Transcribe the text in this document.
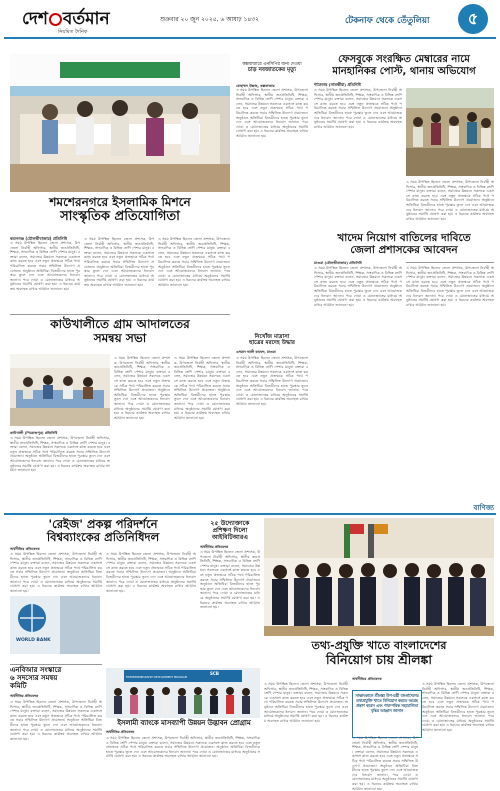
দেশ বর্তমান
নিয়মিত দৈনিক
শুক্রবার ২০ জুন ২০২৫, ৬ আষাঢ় ১৪৩২	টেকনাফ থেকে তেঁতুলিয়া	৫
শমশেরনগরে ইসলামিক মিশনে
সাংস্কৃতিক প্রতিযোগিতা
কমলগঞ্জ (মৌলভীবাজার) প্রতিনিধি
এ সময় উপস্থিত ছিলেন জেলা প্রশাসক, উপজেলা নির্বাহী অফিসার, স্থানীয় জনপ্রতিনিধি, শিক্ষক, সাংবাদিক ও বিভিন্ন শ্রেণি পেশার মানুষ। বক্তারা বলেন, সমাজের উন্নয়নে সকলকে একসঙ্গে কাজ করতে হবে এবং নতুন প্রজন্মকে সঠিক পথে পরিচালিত করতে সবার সম্মিলিত উদ্যোগ প্রয়োজন। অনুষ্ঠানে অতিথিরা বিজয়ীদের হাতে পুরস্কার তুলে দেন এবং আয়োজকদের ধন্যবাদ জানান। পরে দোয়া ও মোনাজাতের মাধ্যমে অনুষ্ঠানের সমাপ্তি ঘোষণা করা হয়। এ ধরনের কার্যক্রম অব্যাহত রাখার আহ্বান জানানো হয়।
এ সময় উপস্থিত ছিলেন জেলা প্রশাসক, উপজেলা নির্বাহী অফিসার, স্থানীয় জনপ্রতিনিধি, শিক্ষক, সাংবাদিক ও বিভিন্ন শ্রেণি পেশার মানুষ। বক্তারা বলেন, সমাজের উন্নয়নে সকলকে একসঙ্গে কাজ করতে হবে এবং নতুন প্রজন্মকে সঠিক পথে পরিচালিত করতে সবার সম্মিলিত উদ্যোগ প্রয়োজন। অনুষ্ঠানে অতিথিরা বিজয়ীদের হাতে পুরস্কার তুলে দেন এবং আয়োজকদের ধন্যবাদ জানান। পরে দোয়া ও মোনাজাতের মাধ্যমে অনুষ্ঠানের সমাপ্তি ঘোষণা করা হয়। এ ধরনের কার্যক্রম অব্যাহত রাখার আহ্বান জানানো হয়।
এ সময় উপস্থিত ছিলেন জেলা প্রশাসক, উপজেলা নির্বাহী অফিসার, স্থানীয় জনপ্রতিনিধি, শিক্ষক, সাংবাদিক ও বিভিন্ন শ্রেণি পেশার মানুষ। বক্তারা বলেন, সমাজের উন্নয়নে সকলকে একসঙ্গে কাজ করতে হবে এবং নতুন প্রজন্মকে সঠিক পথে পরিচালিত করতে সবার সম্মিলিত উদ্যোগ প্রয়োজন। অনুষ্ঠানে অতিথিরা বিজয়ীদের হাতে পুরস্কার তুলে দেন এবং আয়োজকদের ধন্যবাদ জানান। পরে দোয়া ও মোনাজাতের মাধ্যমে অনুষ্ঠানের সমাপ্তি ঘোষণা করা হয়। এ ধরনের কার্যক্রম অব্যাহত রাখার আহ্বান জানানো হয়।
কক্সবাজারে এনসিপির জন্য দেওয়া
চাড় নবজাতকের মৃত্যু
মোহাম্মদ উল্লাহ, কক্সবাজার
এ সময় উপস্থিত ছিলেন জেলা প্রশাসক, উপজেলা নির্বাহী অফিসার, স্থানীয় জনপ্রতিনিধি, শিক্ষক, সাংবাদিক ও বিভিন্ন শ্রেণি পেশার মানুষ। বক্তারা বলেন, সমাজের উন্নয়নে সকলকে একসঙ্গে কাজ করতে হবে এবং নতুন প্রজন্মকে সঠিক পথে পরিচালিত করতে সবার সম্মিলিত উদ্যোগ প্রয়োজন। অনুষ্ঠানে অতিথিরা বিজয়ীদের হাতে পুরস্কার তুলে দেন এবং আয়োজকদের ধন্যবাদ জানান। পরে দোয়া ও মোনাজাতের মাধ্যমে অনুষ্ঠানের সমাপ্তি ঘোষণা করা হয়। এ ধরনের কার্যক্রম অব্যাহত রাখার আহ্বান জানানো হয়।
ফেসবুকে সংরক্ষিত মেম্বারের নামে
মানহানিকর পোস্ট, থানায় অভিযোগ
শ্যামনগর (সাতক্ষীরা) প্রতিনিধি
এ সময় উপস্থিত ছিলেন জেলা প্রশাসক, উপজেলা নির্বাহী অফিসার, স্থানীয় জনপ্রতিনিধি, শিক্ষক, সাংবাদিক ও বিভিন্ন শ্রেণি পেশার মানুষ। বক্তারা বলেন, সমাজের উন্নয়নে সকলকে একসঙ্গে কাজ করতে হবে এবং নতুন প্রজন্মকে সঠিক পথে পরিচালিত করতে সবার সম্মিলিত উদ্যোগ প্রয়োজন। অনুষ্ঠানে অতিথিরা বিজয়ীদের হাতে পুরস্কার তুলে দেন এবং আয়োজকদের ধন্যবাদ জানান। পরে দোয়া ও মোনাজাতের মাধ্যমে অনুষ্ঠানের সমাপ্তি ঘোষণা করা হয়। এ ধরনের কার্যক্রম অব্যাহত রাখার আহ্বান জানানো হয়।
এ সময় উপস্থিত ছিলেন জেলা প্রশাসক, উপজেলা নির্বাহী অফিসার, স্থানীয় জনপ্রতিনিধি, শিক্ষক, সাংবাদিক ও বিভিন্ন শ্রেণি পেশার মানুষ। বক্তারা বলেন, সমাজের উন্নয়নে সকলকে একসঙ্গে কাজ করতে হবে এবং নতুন প্রজন্মকে সঠিক পথে পরিচালিত করতে সবার সম্মিলিত উদ্যোগ প্রয়োজন। অনুষ্ঠানে অতিথিরা বিজয়ীদের হাতে পুরস্কার তুলে দেন এবং আয়োজকদের ধন্যবাদ জানান। পরে দোয়া ও মোনাজাতের মাধ্যমে অনুষ্ঠানের সমাপ্তি ঘোষণা করা হয়। এ ধরনের কার্যক্রম অব্যাহত রাখার আহ্বান জানানো হয়।
কাউখালীতে গ্রাম আদালতের
সমন্বয় সভা
কাউখালী (পিরোজপুর) প্রতিনিধি
এ সময় উপস্থিত ছিলেন জেলা প্রশাসক, উপজেলা নির্বাহী অফিসার, স্থানীয় জনপ্রতিনিধি, শিক্ষক, সাংবাদিক ও বিভিন্ন শ্রেণি পেশার মানুষ। বক্তারা বলেন, সমাজের উন্নয়নে সকলকে একসঙ্গে কাজ করতে হবে এবং নতুন প্রজন্মকে সঠিক পথে পরিচালিত করতে সবার সম্মিলিত উদ্যোগ প্রয়োজন। অনুষ্ঠানে অতিথিরা বিজয়ীদের হাতে পুরস্কার তুলে দেন এবং আয়োজকদের ধন্যবাদ জানান। পরে দোয়া ও মোনাজাতের মাধ্যমে অনুষ্ঠানের সমাপ্তি ঘোষণা করা হয়। এ ধরনের কার্যক্রম অব্যাহত রাখার আহ্বান জানানো হয়।
এ সময় উপস্থিত ছিলেন জেলা প্রশাসক, উপজেলা নির্বাহী অফিসার, স্থানীয় জনপ্রতিনিধি, শিক্ষক, সাংবাদিক ও বিভিন্ন শ্রেণি পেশার মানুষ। বক্তারা বলেন, সমাজের উন্নয়নে সকলকে একসঙ্গে কাজ করতে হবে এবং নতুন প্রজন্মকে সঠিক পথে পরিচালিত করতে সবার সম্মিলিত উদ্যোগ প্রয়োজন। অনুষ্ঠানে অতিথিরা বিজয়ীদের হাতে পুরস্কার তুলে দেন এবং আয়োজকদের ধন্যবাদ জানান। পরে দোয়া ও মোনাজাতের মাধ্যমে অনুষ্ঠানের সমাপ্তি ঘোষণা করা হয়। এ ধরনের কার্যক্রম অব্যাহত রাখার আহ্বান জানানো হয়।
এ সময় উপস্থিত ছিলেন জেলা প্রশাসক, উপজেলা নির্বাহী অফিসার, স্থানীয় জনপ্রতিনিধি, শিক্ষক, সাংবাদিক ও বিভিন্ন শ্রেণি পেশার মানুষ। বক্তারা বলেন, সমাজের উন্নয়নে সকলকে একসঙ্গে কাজ করতে হবে এবং নতুন প্রজন্মকে সঠিক পথে পরিচালিত করতে সবার সম্মিলিত উদ্যোগ প্রয়োজন। অনুষ্ঠানে অতিথিরা বিজয়ীদের হাতে পুরস্কার তুলে দেন এবং আয়োজকদের ধন্যবাদ জানান। পরে দোয়া ও মোনাজাতের মাধ্যমে অনুষ্ঠানের সমাপ্তি ঘোষণা করা হয়। এ ধরনের কার্যক্রম অব্যাহত রাখার আহ্বান জানানো হয়।
নিখোঁজ মাদ্রাসা
ছাত্রের মরদেহ উদ্ধার
ওসমান আলী কাফেদ, মাগুরা
এ সময় উপস্থিত ছিলেন জেলা প্রশাসক, উপজেলা নির্বাহী অফিসার, স্থানীয় জনপ্রতিনিধি, শিক্ষক, সাংবাদিক ও বিভিন্ন শ্রেণি পেশার মানুষ। বক্তারা বলেন, সমাজের উন্নয়নে সকলকে একসঙ্গে কাজ করতে হবে এবং নতুন প্রজন্মকে সঠিক পথে পরিচালিত করতে সবার সম্মিলিত উদ্যোগ প্রয়োজন। অনুষ্ঠানে অতিথিরা বিজয়ীদের হাতে পুরস্কার তুলে দেন এবং আয়োজকদের ধন্যবাদ জানান। পরে দোয়া ও মোনাজাতের মাধ্যমে অনুষ্ঠানের সমাপ্তি ঘোষণা করা হয়। এ ধরনের কার্যক্রম অব্যাহত রাখার আহ্বান জানানো হয়।
খাদেম নিয়োগ বাতিলের দাবিতে
জেলা প্রশাসকের আবেদন
মাগুরা (মৌলভীবাজার) প্রতিনিধি
এ সময় উপস্থিত ছিলেন জেলা প্রশাসক, উপজেলা নির্বাহী অফিসার, স্থানীয় জনপ্রতিনিধি, শিক্ষক, সাংবাদিক ও বিভিন্ন শ্রেণি পেশার মানুষ। বক্তারা বলেন, সমাজের উন্নয়নে সকলকে একসঙ্গে কাজ করতে হবে এবং নতুন প্রজন্মকে সঠিক পথে পরিচালিত করতে সবার সম্মিলিত উদ্যোগ প্রয়োজন। অনুষ্ঠানে অতিথিরা বিজয়ীদের হাতে পুরস্কার তুলে দেন এবং আয়োজকদের ধন্যবাদ জানান। পরে দোয়া ও মোনাজাতের মাধ্যমে অনুষ্ঠানের সমাপ্তি ঘোষণা করা হয়। এ ধরনের কার্যক্রম অব্যাহত রাখার আহ্বান জানানো হয়।
এ সময় উপস্থিত ছিলেন জেলা প্রশাসক, উপজেলা নির্বাহী অফিসার, স্থানীয় জনপ্রতিনিধি, শিক্ষক, সাংবাদিক ও বিভিন্ন শ্রেণি পেশার মানুষ। বক্তারা বলেন, সমাজের উন্নয়নে সকলকে একসঙ্গে কাজ করতে হবে এবং নতুন প্রজন্মকে সঠিক পথে পরিচালিত করতে সবার সম্মিলিত উদ্যোগ প্রয়োজন। অনুষ্ঠানে অতিথিরা বিজয়ীদের হাতে পুরস্কার তুলে দেন এবং আয়োজকদের ধন্যবাদ জানান। পরে দোয়া ও মোনাজাতের মাধ্যমে অনুষ্ঠানের সমাপ্তি ঘোষণা করা হয়। এ ধরনের কার্যক্রম অব্যাহত রাখার আহ্বান জানানো হয়।
বাণিজ্য
'রেইজ' প্রকল্প পরিদর্শনে
বিশ্বব্যাংকের প্রতিনিধিদল
অর্থনীতির প্রতিবেদক
এ সময় উপস্থিত ছিলেন জেলা প্রশাসক, উপজেলা নির্বাহী অফিসার, স্থানীয় জনপ্রতিনিধি, শিক্ষক, সাংবাদিক ও বিভিন্ন শ্রেণি পেশার মানুষ। বক্তারা বলেন, সমাজের উন্নয়নে সকলকে একসঙ্গে কাজ করতে হবে এবং নতুন প্রজন্মকে সঠিক পথে পরিচালিত করতে সবার সম্মিলিত উদ্যোগ প্রয়োজন। অনুষ্ঠানে অতিথিরা বিজয়ীদের হাতে পুরস্কার তুলে দেন এবং আয়োজকদের ধন্যবাদ জানান। পরে দোয়া ও মোনাজাতের মাধ্যমে অনুষ্ঠানের সমাপ্তি ঘোষণা করা হয়। এ ধরনের কার্যক্রম অব্যাহত রাখার আহ্বান জানানো হয়।
WORLD BANK
এ সময় উপস্থিত ছিলেন জেলা প্রশাসক, উপজেলা নির্বাহী অফিসার, স্থানীয় জনপ্রতিনিধি, শিক্ষক, সাংবাদিক ও বিভিন্ন শ্রেণি পেশার মানুষ। বক্তারা বলেন, সমাজের উন্নয়নে সকলকে একসঙ্গে কাজ করতে হবে এবং নতুন প্রজন্মকে সঠিক পথে পরিচালিত করতে সবার সম্মিলিত উদ্যোগ প্রয়োজন। অনুষ্ঠানে অতিথিরা বিজয়ীদের হাতে পুরস্কার তুলে দেন এবং আয়োজকদের ধন্যবাদ জানান। পরে দোয়া ও মোনাজাতের মাধ্যমে অনুষ্ঠানের সমাপ্তি ঘোষণা করা হয়। এ ধরনের কার্যক্রম অব্যাহত রাখার আহ্বান জানানো হয়।
২৫ উদ্যোক্তাকে
প্রশিক্ষণ দিলো
আইবিটিআরএ
অর্থনীতির প্রতিবেদক
এ সময় উপস্থিত ছিলেন জেলা প্রশাসক, উপজেলা নির্বাহী অফিসার, স্থানীয় জনপ্রতিনিধি, শিক্ষক, সাংবাদিক ও বিভিন্ন শ্রেণি পেশার মানুষ। বক্তারা বলেন, সমাজের উন্নয়নে সকলকে একসঙ্গে কাজ করতে হবে এবং নতুন প্রজন্মকে সঠিক পথে পরিচালিত করতে সবার সম্মিলিত উদ্যোগ প্রয়োজন। অনুষ্ঠানে অতিথিরা বিজয়ীদের হাতে পুরস্কার তুলে দেন এবং আয়োজকদের ধন্যবাদ জানান। পরে দোয়া ও মোনাজাতের মাধ্যমে অনুষ্ঠানের সমাপ্তি ঘোষণা করা হয়। এ ধরনের কার্যক্রম অব্যাহত রাখার আহ্বান জানানো হয়।
তথ্য-প্রযুক্তি খাতে বাংলাদেশের
বিনিয়োগ চায় শ্রীলঙ্কা
অর্থনীতির প্রতিবেদক
এ সময় উপস্থিত ছিলেন জেলা প্রশাসক, উপজেলা নির্বাহী অফিসার, স্থানীয় জনপ্রতিনিধি, শিক্ষক, সাংবাদিক ও বিভিন্ন শ্রেণি পেশার মানুষ। বক্তারা বলেন, সমাজের উন্নয়নে সকলকে একসঙ্গে কাজ করতে হবে এবং নতুন প্রজন্মকে সঠিক পথে পরিচালিত করতে সবার সম্মিলিত উদ্যোগ প্রয়োজন। অনুষ্ঠানে অতিথিরা বিজয়ীদের হাতে পুরস্কার তুলে দেন এবং আয়োজকদের ধন্যবাদ জানান। পরে দোয়া ও মোনাজাতের মাধ্যমে অনুষ্ঠানের সমাপ্তি ঘোষণা করা হয়। এ ধরনের কার্যক্রম অব্যাহত রাখার আহ্বান জানানো হয়।
সাক্ষাৎকালে শ্রীলঙ্কা উপ-মন্ত্রী বাংলাদেশের তথ্যপ্রযুক্তি খাতে বিনিয়োগ করতে আগ্রহ প্রকাশ করেন এবং পারস্পরিক সহযোগিতা বৃদ্ধির আহ্বান জানান
এ সময় উপস্থিত ছিলেন জেলা প্রশাসক, উপজেলা নির্বাহী অফিসার, স্থানীয় জনপ্রতিনিধি, শিক্ষক, সাংবাদিক ও বিভিন্ন শ্রেণি পেশার মানুষ। বক্তারা বলেন, সমাজের উন্নয়নে সকলকে একসঙ্গে কাজ করতে হবে এবং নতুন প্রজন্মকে সঠিক পথে পরিচালিত করতে সবার সম্মিলিত উদ্যোগ প্রয়োজন। অনুষ্ঠানে অতিথিরা বিজয়ীদের হাতে পুরস্কার তুলে দেন এবং আয়োজকদের ধন্যবাদ জানান। পরে দোয়া ও মোনাজাতের মাধ্যমে অনুষ্ঠানের সমাপ্তি ঘোষণা করা হয়। এ ধরনের কার্যক্রম অব্যাহত রাখার আহ্বান জানানো হয়।
এ সময় উপস্থিত ছিলেন জেলা প্রশাসক, উপজেলা নির্বাহী অফিসার, স্থানীয় জনপ্রতিনিধি, শিক্ষক, সাংবাদিক ও বিভিন্ন শ্রেণি পেশার মানুষ। বক্তারা বলেন, সমাজের উন্নয়নে সকলকে একসঙ্গে কাজ করতে হবে এবং নতুন প্রজন্মকে সঠিক পথে পরিচালিত করতে সবার সম্মিলিত উদ্যোগ প্রয়োজন। অনুষ্ঠানে অতিথিরা বিজয়ীদের হাতে পুরস্কার তুলে দেন এবং আয়োজকদের ধন্যবাদ জানান। পরে দোয়া ও মোনাজাতের মাধ্যমে অনুষ্ঠানের সমাপ্তি ঘোষণা করা হয়। এ ধরনের কার্যক্রম অব্যাহত রাখার আহ্বান জানানো হয়।
এনবিআর সংস্কারে
৬ সদস্যের সমন্বয়
কমিটি
অর্থনীতির প্রতিবেদক
এ সময় উপস্থিত ছিলেন জেলা প্রশাসক, উপজেলা নির্বাহী অফিসার, স্থানীয় জনপ্রতিনিধি, শিক্ষক, সাংবাদিক ও বিভিন্ন শ্রেণি পেশার মানুষ। বক্তারা বলেন, সমাজের উন্নয়নে সকলকে একসঙ্গে কাজ করতে হবে এবং নতুন প্রজন্মকে সঠিক পথে পরিচালিত করতে সবার সম্মিলিত উদ্যোগ প্রয়োজন। অনুষ্ঠানে অতিথিরা বিজয়ীদের হাতে পুরস্কার তুলে দেন এবং আয়োজকদের ধন্যবাদ জানান। পরে দোয়া ও মোনাজাতের মাধ্যমে অনুষ্ঠানের সমাপ্তি ঘোষণা করা হয়। এ ধরনের কার্যক্রম অব্যাহত রাখার আহ্বান জানানো হয়।
SCB
ENTREPRENEURSHIP DEVELOPMENT PROGRAM
ইসলামী ব্যাংকে মাসব্যাপী উন্নয়ন উদ্ভাবন প্রোগ্রাম
অর্থনীতির প্রতিবেদক
এ সময় উপস্থিত ছিলেন জেলা প্রশাসক, উপজেলা নির্বাহী অফিসার, স্থানীয় জনপ্রতিনিধি, শিক্ষক, সাংবাদিক ও বিভিন্ন শ্রেণি পেশার মানুষ। বক্তারা বলেন, সমাজের উন্নয়নে সকলকে একসঙ্গে কাজ করতে হবে এবং নতুন প্রজন্মকে সঠিক পথে পরিচালিত করতে সবার সম্মিলিত উদ্যোগ প্রয়োজন। অনুষ্ঠানে অতিথিরা বিজয়ীদের হাতে পুরস্কার তুলে দেন এবং আয়োজকদের ধন্যবাদ জানান। পরে দোয়া ও মোনাজাতের মাধ্যমে অনুষ্ঠানের সমাপ্তি ঘোষণা করা হয়। এ ধরনের কার্যক্রম অব্যাহত রাখার আহ্বান জানানো হয়।
